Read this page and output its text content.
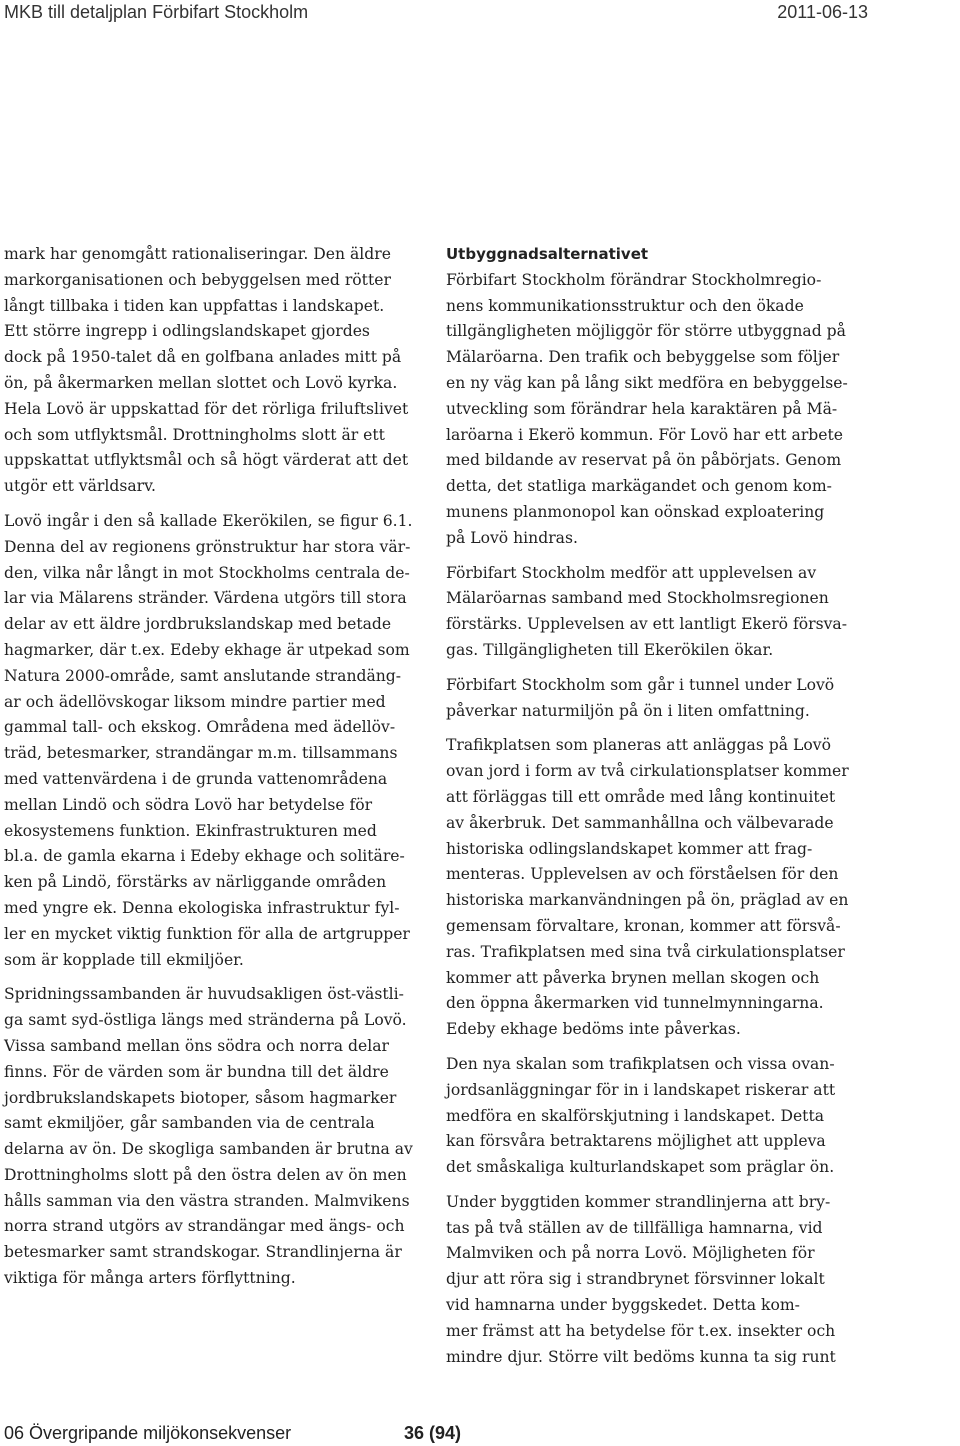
MKB till detaljplan Förbifart Stockholm	2011-06-13
mark har genomgått rationaliseringar. Den äldre
markorganisationen och bebyggelsen med rötter
långt tillbaka i tiden kan uppfattas i landskapet.
Ett större ingrepp i odlingslandskapet gjordes
dock på 1950-talet då en golfbana anlades mitt på
ön, på åkermarken mellan slottet och Lovö kyrka.
Hela Lovö är uppskattad för det rörliga friluftslivet
och som utflyktsmål. Drottningholms slott är ett
uppskattat utflyktsmål och så högt värderat att det
utgör ett världsarv.
Lovö ingår i den så kallade Ekerökilen, se figur 6.1.
Denna del av regionens grönstruktur har stora vär-
den, vilka når långt in mot Stockholms centrala de-
lar via Mälarens stränder. Värdena utgörs till stora
delar av ett äldre jordbrukslandskap med betade
hagmarker, där t.ex. Edeby ekhage är utpekad som
Natura 2000-område, samt anslutande strandäng-
ar och ädellövskogar liksom mindre partier med
gammal tall- och ekskog. Områdena med ädellöv-
träd, betesmarker, strandängar m.m. tillsammans
med vattenvärdena i de grunda vattenområdena
mellan Lindö och södra Lovö har betydelse för
ekosystemens funktion. Ekinfrastrukturen med
bl.a. de gamla ekarna i Edeby ekhage och solitäre-
ken på Lindö, förstärks av närliggande områden
med yngre ek. Denna ekologiska infrastruktur fyl-
ler en mycket viktig funktion för alla de artgrupper
som är kopplade till ekmiljöer.
Spridningssambanden är huvudsakligen öst-västli-
ga samt syd-östliga längs med stränderna på Lovö.
Vissa samband mellan öns södra och norra delar
finns. För de värden som är bundna till det äldre
jordbrukslandskapets biotoper, såsom hagmarker
samt ekmiljöer, går sambanden via de centrala
delarna av ön. De skogliga sambanden är brutna av
Drottningholms slott på den östra delen av ön men
hålls samman via den västra stranden. Malmvikens
norra strand utgörs av strandängar med ängs- och
betesmarker samt strandskogar. Strandlinjerna är
viktiga för många arters förflyttning.
Utbyggnadsalternativet
Förbifart Stockholm förändrar Stockholmregio-
nens kommunikationsstruktur och den ökade
tillgängligheten möjliggör för större utbyggnad på
Mälaröarna. Den trafik och bebyggelse som följer
en ny väg kan på lång sikt medföra en bebyggelse-
utveckling som förändrar hela karaktären på Mä-
laröarna i Ekerö kommun. För Lovö har ett arbete
med bildande av reservat på ön påbörjats. Genom
detta, det statliga markägandet och genom kom-
munens planmonopol kan oönskad exploatering
på Lovö hindras.
Förbifart Stockholm medför att upplevelsen av
Mälaröarnas samband med Stockholmsregionen
förstärks. Upplevelsen av ett lantligt Ekerö försva-
gas. Tillgängligheten till Ekerökilen ökar.
Förbifart Stockholm som går i tunnel under Lovö
påverkar naturmiljön på ön i liten omfattning.
Trafikplatsen som planeras att anläggas på Lovö
ovan jord i form av två cirkulationsplatser kommer
att förläggas till ett område med lång kontinuitet
av åkerbruk. Det sammanhållna och välbevarade
historiska odlingslandskapet kommer att frag-
menteras. Upplevelsen av och förståelsen för den
historiska markanvändningen på ön, präglad av en
gemensam förvaltare, kronan, kommer att försvå-
ras. Trafikplatsen med sina två cirkulationsplatser
kommer att påverka brynen mellan skogen och
den öppna åkermarken vid tunnelmynningarna.
Edeby ekhage bedöms inte påverkas.
Den nya skalan som trafikplatsen och vissa ovan-
jordsanläggningar för in i landskapet riskerar att
medföra en skalförskjutning i landskapet. Detta
kan försvåra betraktarens möjlighet att uppleva
det småskaliga kulturlandskapet som präglar ön.
Under byggtiden kommer strandlinjerna att bry-
tas på två ställen av de tillfälliga hamnarna, vid
Malmviken och på norra Lovö. Möjligheten för
djur att röra sig i strandbrynet försvinner lokalt
vid hamnarna under byggskedet. Detta kom-
mer främst att ha betydelse för t.ex. insekter och
mindre djur. Större vilt bedöms kunna ta sig runt
06 Övergripande miljökonsekvenser	36 (94)
